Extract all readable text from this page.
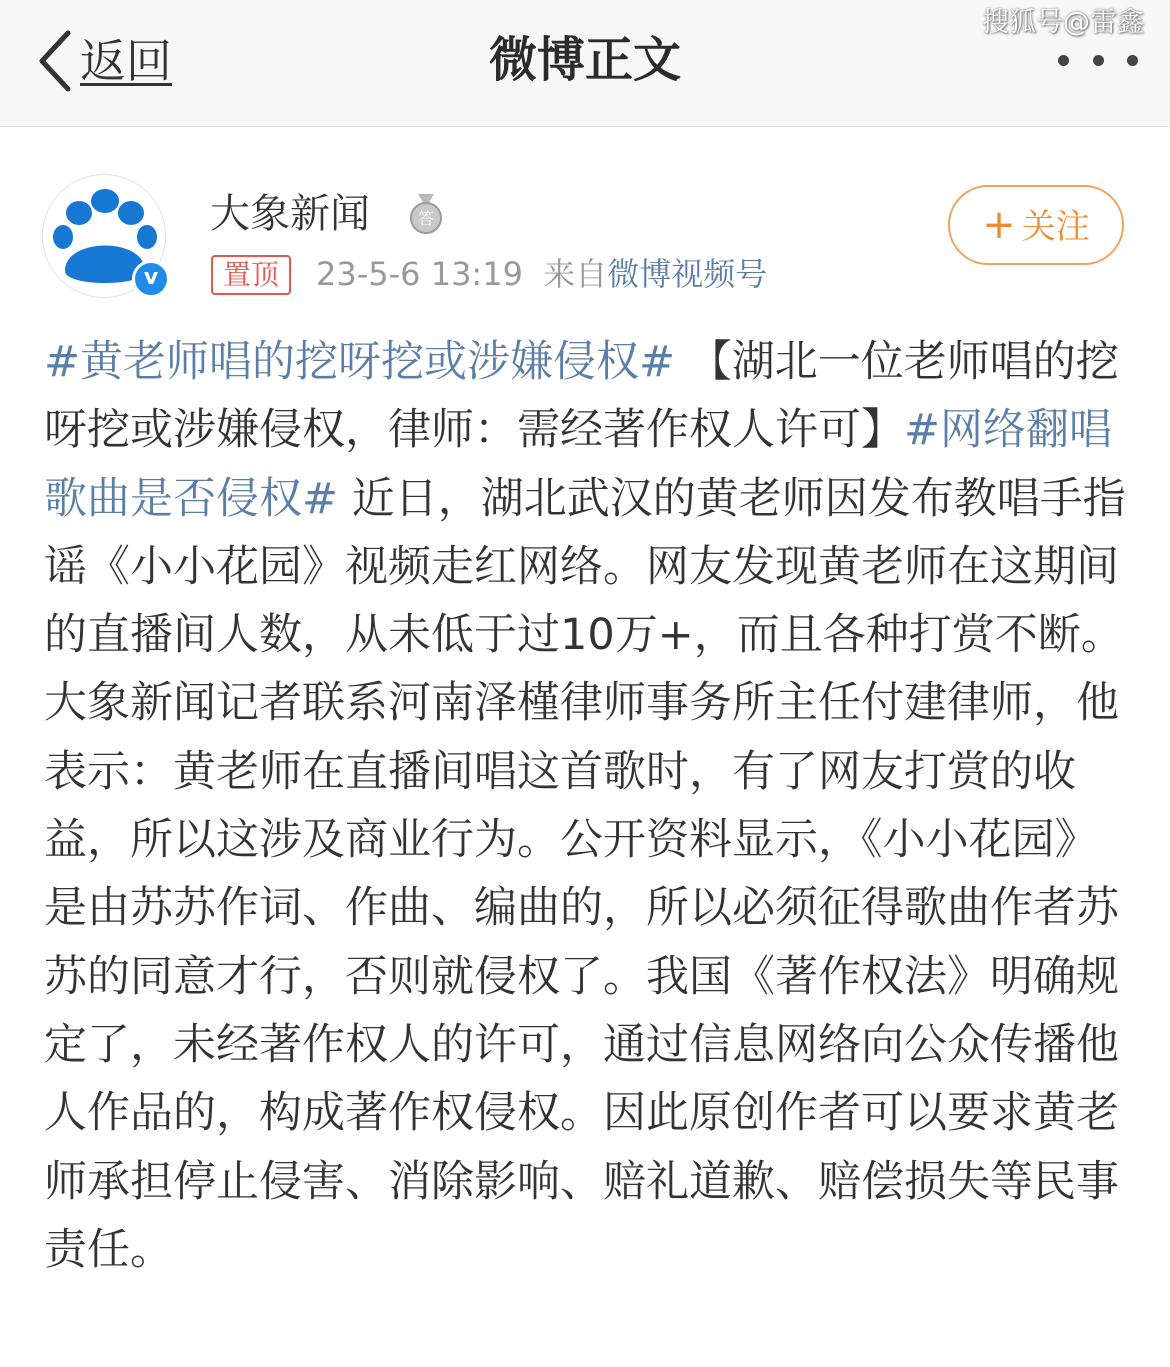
返回	微博正文
搜狐号@雷鑫
v
大象新闻	答
置顶	23-5-6 13:19 来自微博视频号
+ 关注

#黄老师唱的挖呀挖或涉嫌侵权# 【湖北一位老师唱的挖呀挖或涉嫌侵权，律师：需经著作权人许可】#网络翻唱歌曲是否侵权# 近日，湖北武汉的黄老师因发布教唱手指谣《小小花园》视频走红网络。网友发现黄老师在这期间的直播间人数，从未低于过10万+，而且各种打赏不断。大象新闻记者联系河南泽槿律师事务所主任付建律师，他表示：黄老师在直播间唱这首歌时，有了网友打赏的收益，所以这涉及商业行为。公开资料显示，《小小花园》是由苏苏作词、作曲、编曲的，所以必须征得歌曲作者苏苏的同意才行，否则就侵权了。我国《著作权法》明确规定了，未经著作权人的许可，通过信息网络向公众传播他人作品的，构成著作权侵权。因此原创作者可以要求黄老师承担停止侵害、消除影响、赔礼道歉、赔偿损失等民事责任。
